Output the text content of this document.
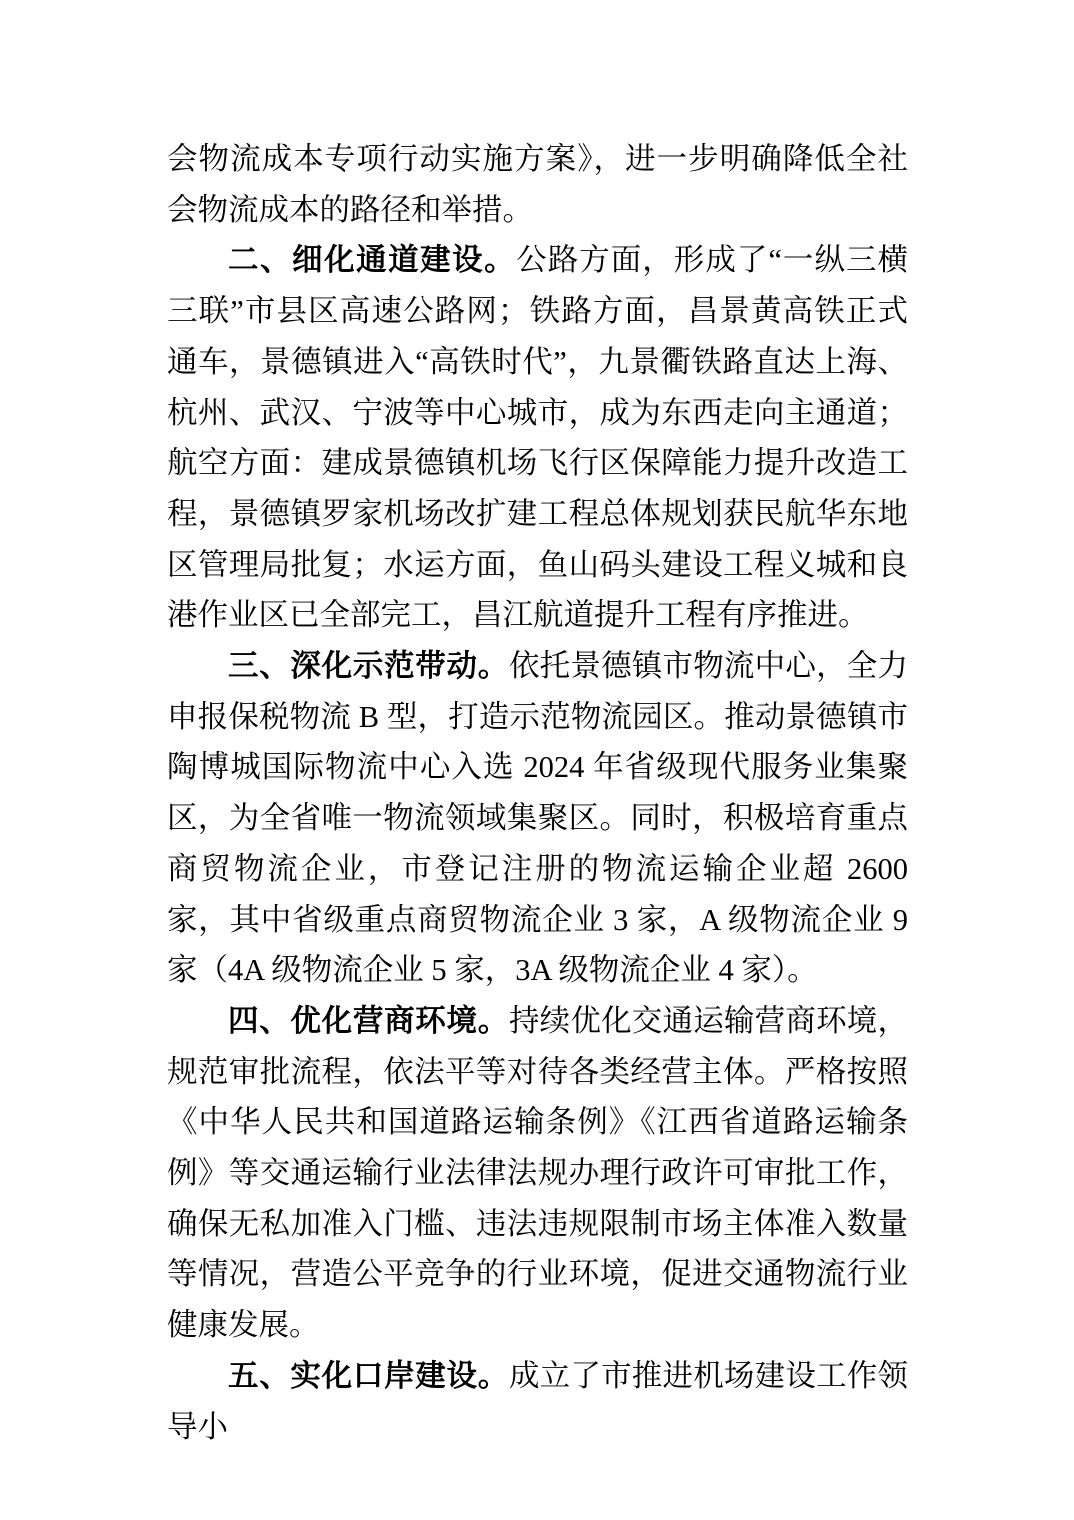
会物流成本专项行动实施方案》，进一步明确降低全社会物流成本的路径和举措。

二、细化通道建设。公路方面，形成了“一纵三横三联”市县区高速公路网；铁路方面，昌景黄高铁正式通车，景德镇进入“高铁时代”，九景衢铁路直达上海、杭州、武汉、宁波等中心城市，成为东西走向主通道；航空方面：建成景德镇机场飞行区保障能力提升改造工程，景德镇罗家机场改扩建工程总体规划获民航华东地区管理局批复；水运方面，鱼山码头建设工程义城和良港作业区已全部完工，昌江航道提升工程有序推进。

三、深化示范带动。依托景德镇市物流中心，全力申报保税物流 B 型，打造示范物流园区。推动景德镇市陶博城国际物流中心入选 2024 年省级现代服务业集聚区，为全省唯一物流领域集聚区。同时，积极培育重点商贸物流企业，市登记注册的物流运输企业超 2600 家，其中省级重点商贸物流企业 3 家，A 级物流企业 9 家（4A 级物流企业 5 家，3A 级物流企业 4 家）。

四、优化营商环境。持续优化交通运输营商环境，规范审批流程，依法平等对待各类经营主体。严格按照《中华人民共和国道路运输条例》《江西省道路运输条例》等交通运输行业法律法规办理行政许可审批工作，确保无私加准入门槛、违法违规限制市场主体准入数量等情况，营造公平竞争的行业环境，促进交通物流行业健康发展。

五、实化口岸建设。成立了市推进机场建设工作领导小
